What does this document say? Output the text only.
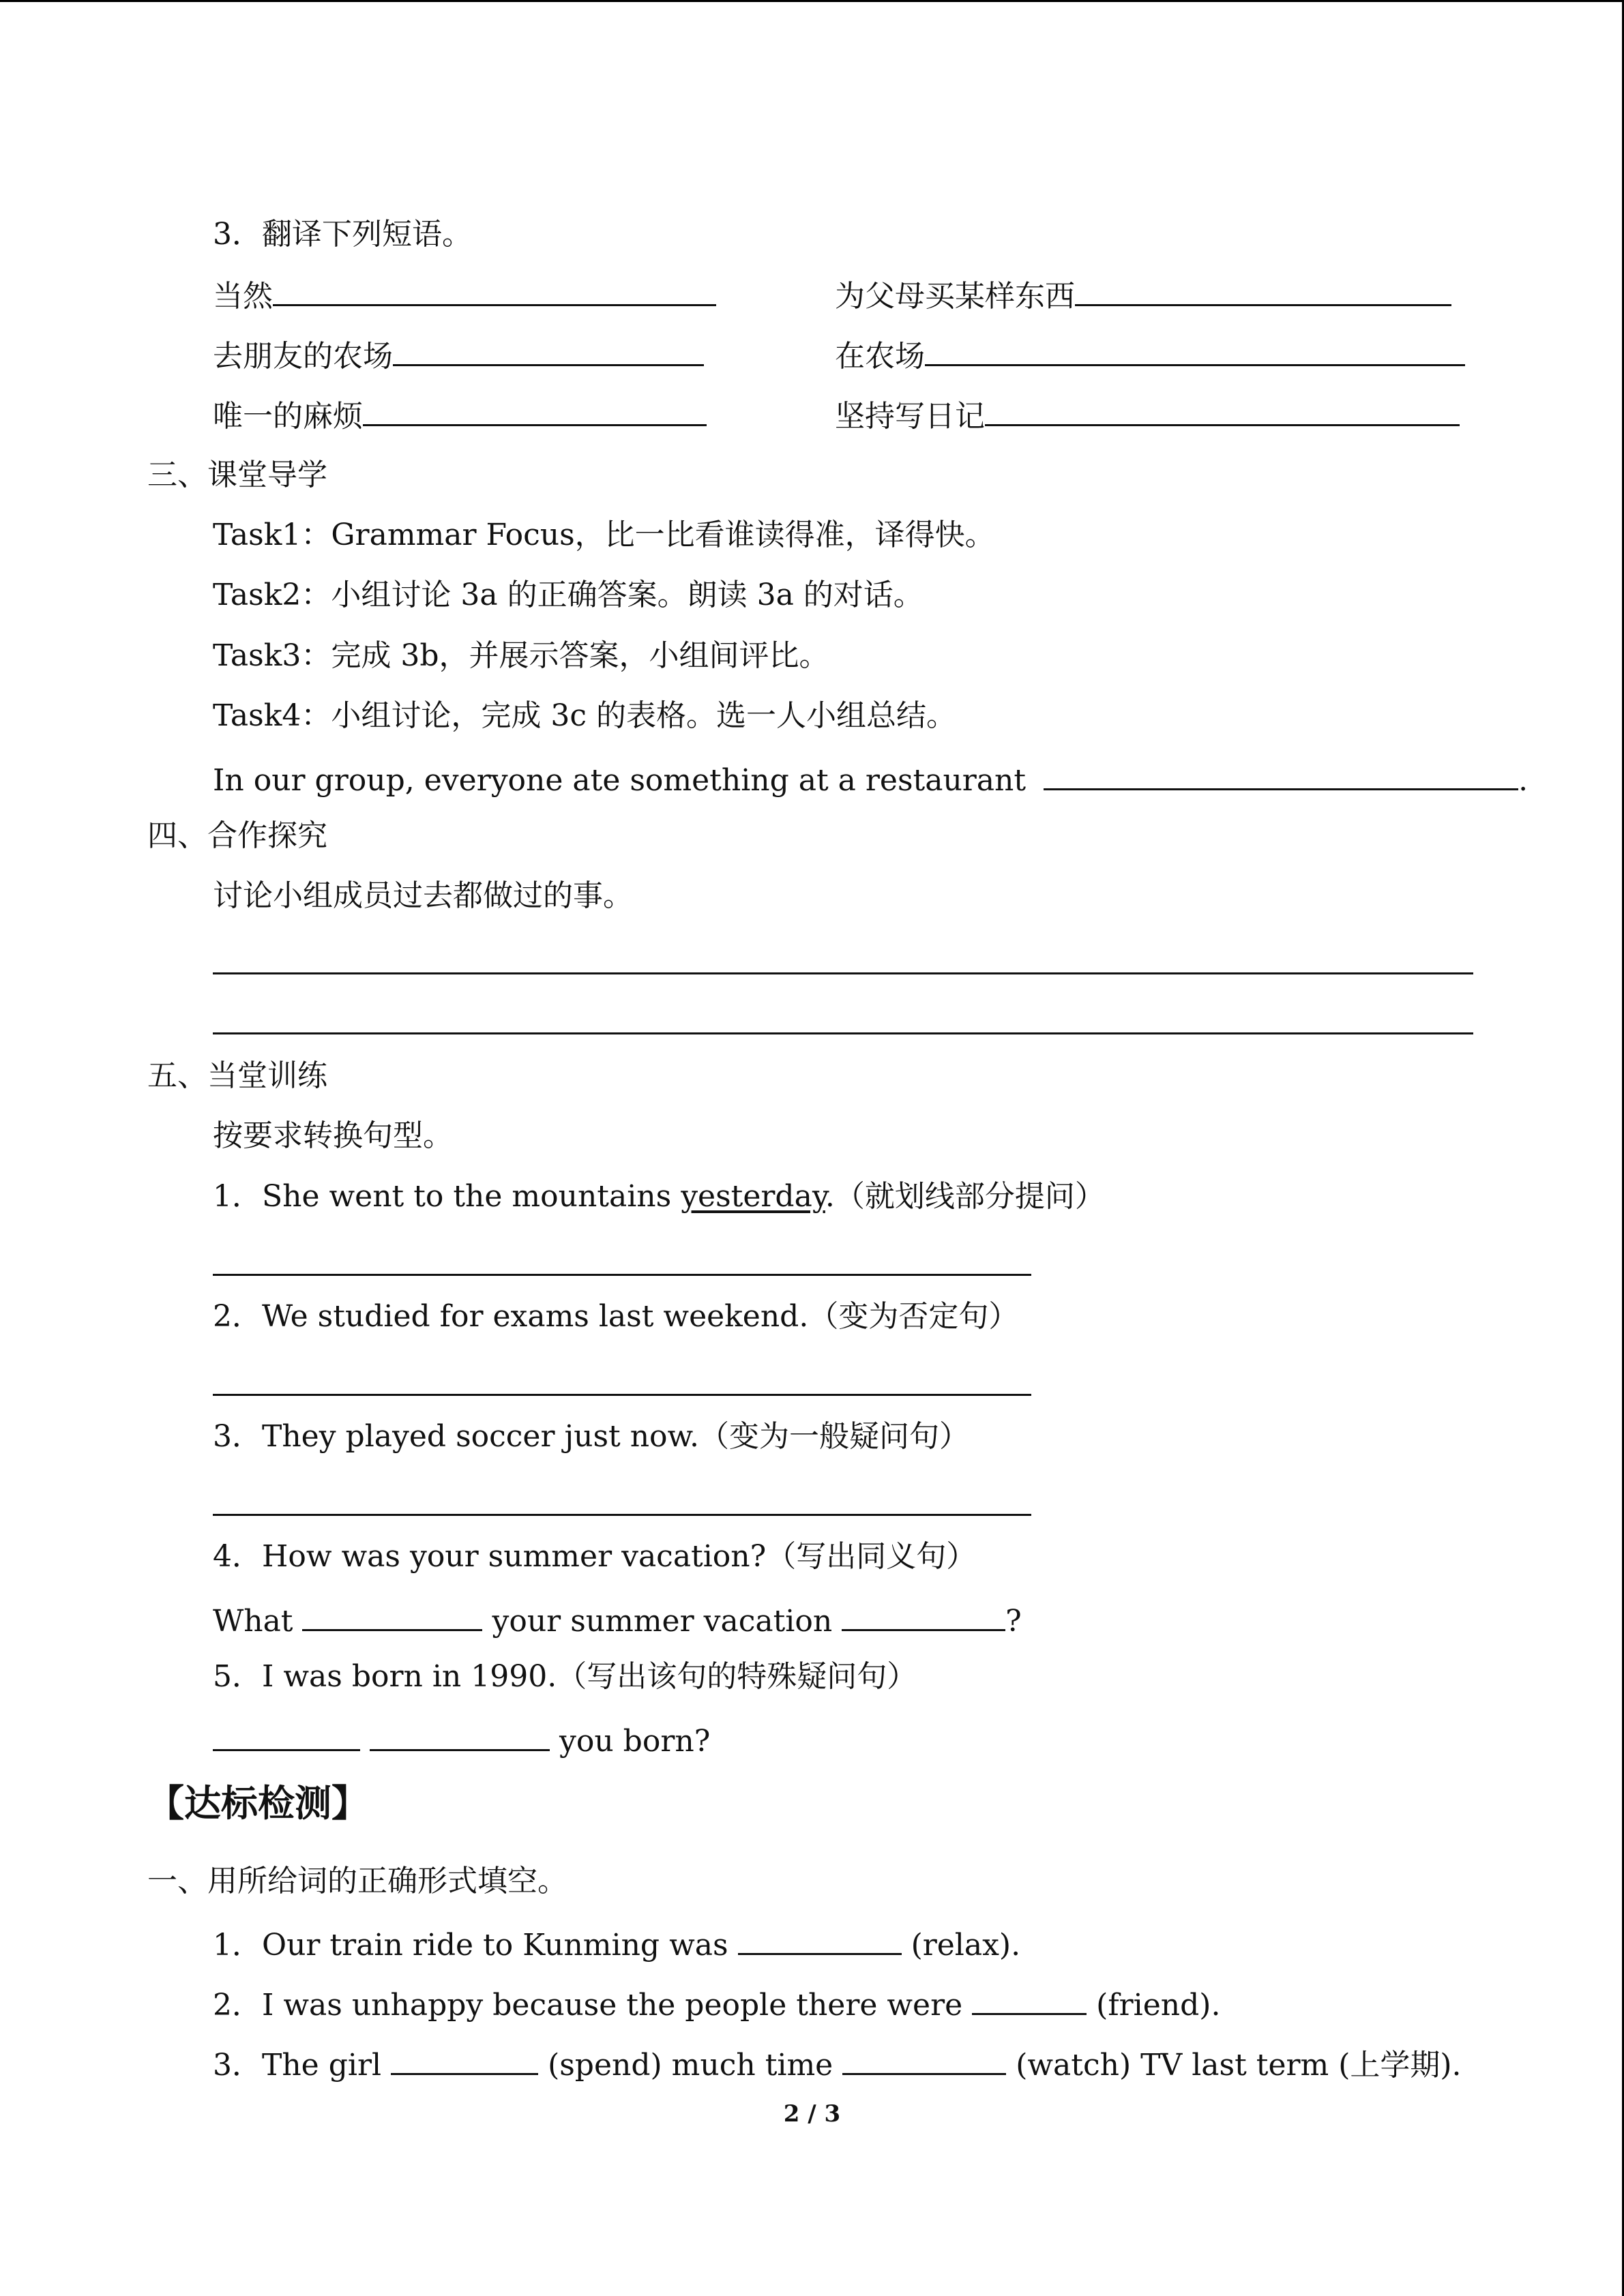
3．翻译下列短语。
当然	为父母买某样东西
去朋友的农场	在农场
唯一的麻烦	坚持写日记
三、课堂导学
Task1：Grammar Focus，比一比看谁读得准，译得快。
Task2：小组讨论 3a 的正确答案。朗读 3a 的对话。
Task3：完成 3b，并展示答案，小组间评比。
Task4：小组讨论，完成 3c 的表格。选一人小组总结。
In our group, everyone ate something at a restaurant	.
四、合作探究
讨论小组成员过去都做过的事。
五、当堂训练
按要求转换句型。
1．She went to the mountains yesterday.（就划线部分提问）
2．We studied for exams last weekend.（变为否定句）
3．They played soccer just now.（变为一般疑问句）
4．How was your summer vacation?（写出同义句）
What	your summer vacation	?
5．I was born in 1990.（写出该句的特殊疑问句）
you born?
【达标检测】
一、用所给词的正确形式填空。
1．Our train ride to Kunming was	(relax).
2．I was unhappy because the people there were	(friend).
3．The girl	(spend) much time	(watch) TV last term (上学期).
2 / 3
